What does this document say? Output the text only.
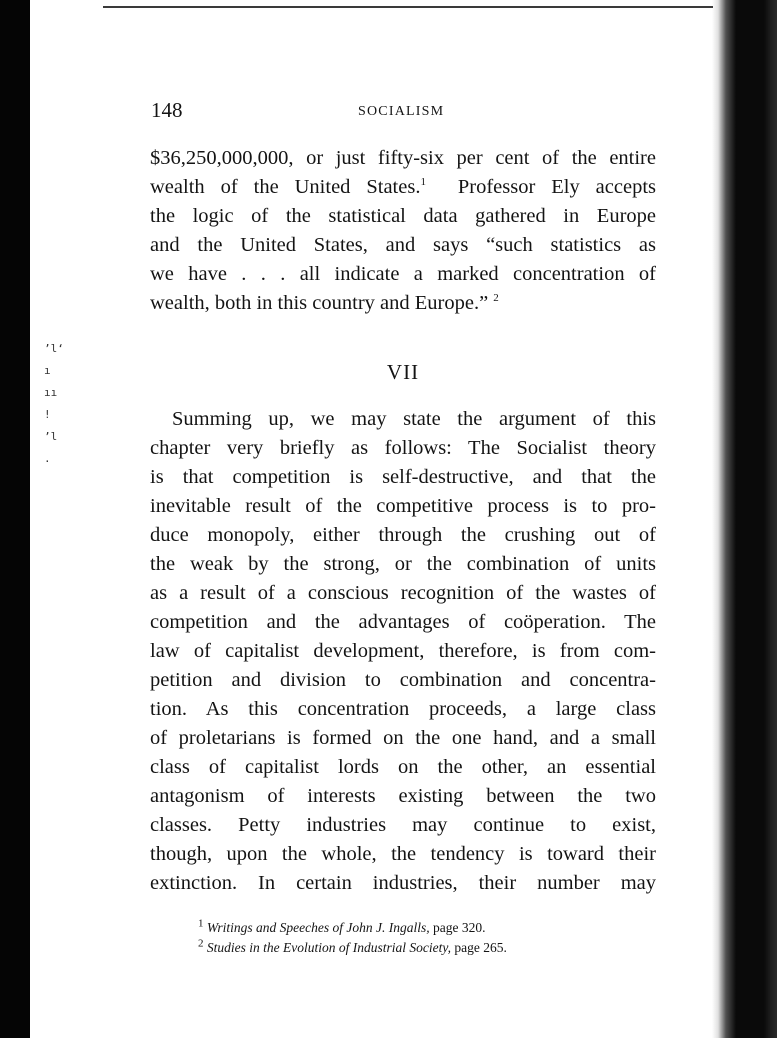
’l‘ ı
ıı !
’l .
148	SOCIALISM
$36,250,000,000, or just fifty-six per cent of the entire
wealth of the United States.$^1$ Professor Ely accepts
the logic of the statistical data gathered in Europe
and the United States, and says “such statistics as
we have . . . all indicate a marked concentration of
wealth, both in this country and Europe.” $^2$
VII
Summing up, we may state the argument of this
chapter very briefly as follows: The Socialist theory
is that competition is self-destructive, and that the
inevitable result of the competitive process is to pro-
duce monopoly, either through the crushing out of
the weak by the strong, or the combination of units
as a result of a conscious recognition of the wastes of
competition and the advantages of coöperation. The
law of capitalist development, therefore, is from com-
petition and division to combination and concentra-
tion. As this concentration proceeds, a large class
of proletarians is formed on the one hand, and a small
class of capitalist lords on the other, an essential
antagonism of interests existing between the two
classes. Petty industries may continue to exist,
though, upon the whole, the tendency is toward their
extinction. In certain industries, their number may
$^1$ Writings and Speeches of John J. Ingalls, page 320.
$^2$ Studies in the Evolution of Industrial Society, page 265.
